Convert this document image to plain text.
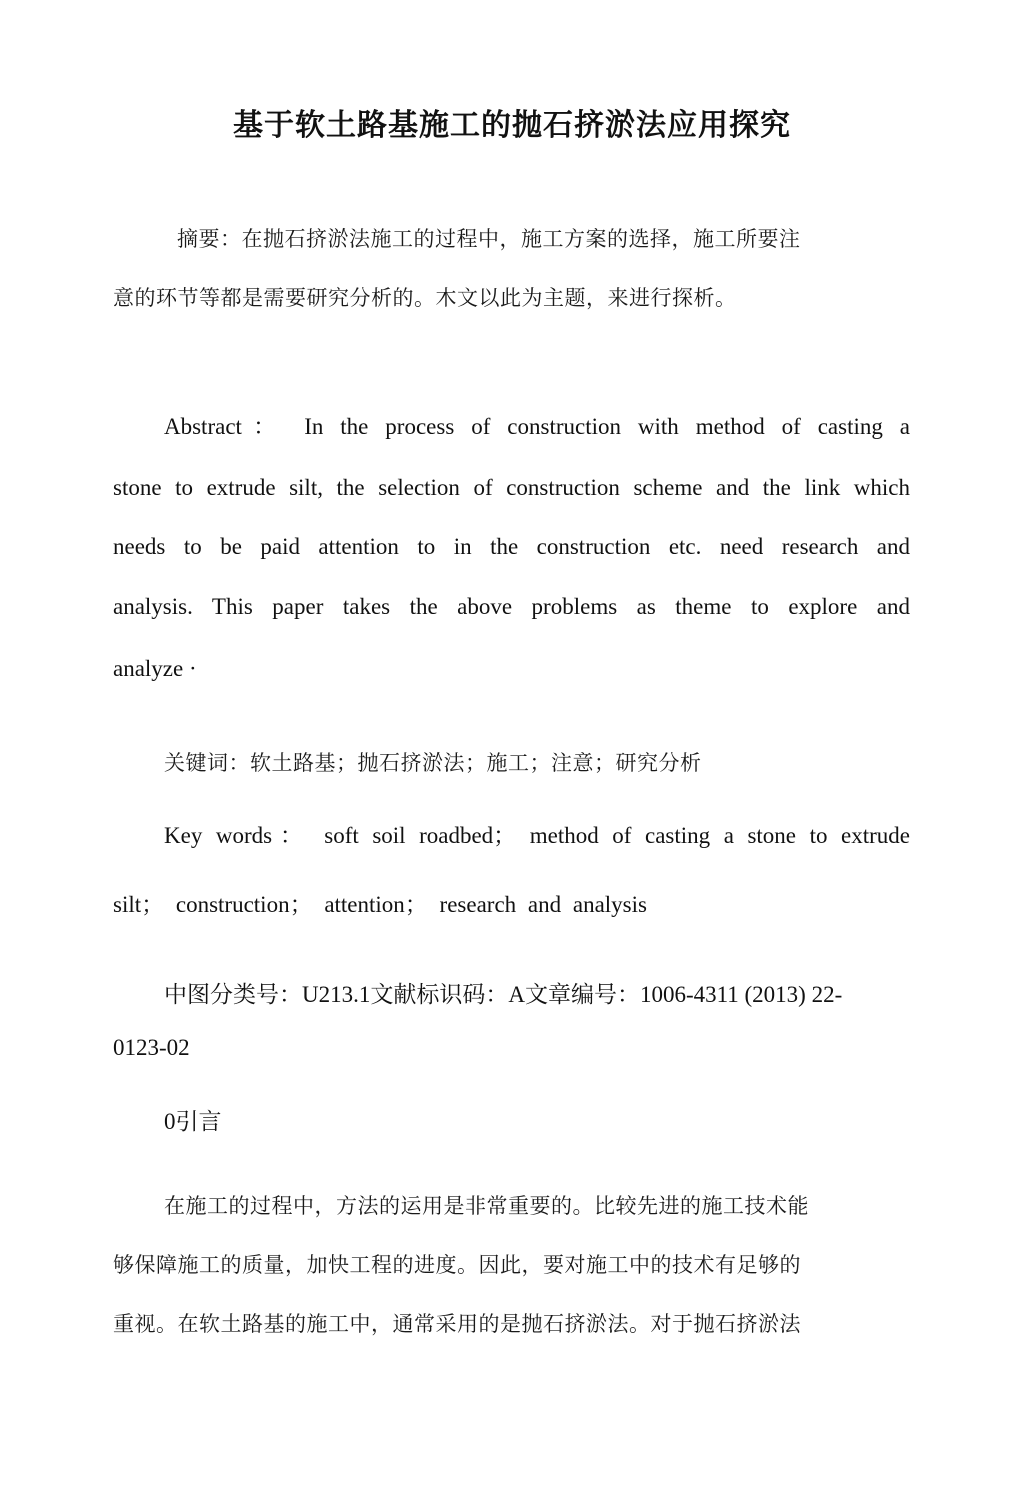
基于软土路基施工的抛石挤淤法应用探究

摘要：在抛石挤淤法施工的过程中，施工方案的选择，施工所要注

意的环节等都是需要研究分析的。木文以此为主题，来进行探析。

Abstract： In the process of construction with method of casting a

stone to extrude silt, the selection of construction scheme and the link which

needs to be paid attention to in the construction etc. need research and

analysis. This paper takes the above problems as theme to explore and

analyze ·

关键词：软土路基；抛石挤淤法；施工；注意；研究分析

Key words： soft soil roadbed； method of casting a stone to extrude

silt； construction； attention； research and analysis

中图分类号：U213.1文献标识码：A文章编号：1006-4311 (2013) 22-

0123-02

0引言

在施工的过程中，方法的运用是非常重要的。比较先进的施工技术能

够保障施工的质量，加快工程的进度。因此，要对施工中的技术有足够的

重视。在软土路基的施工中，通常采用的是抛石挤淤法。对于抛石挤淤法
